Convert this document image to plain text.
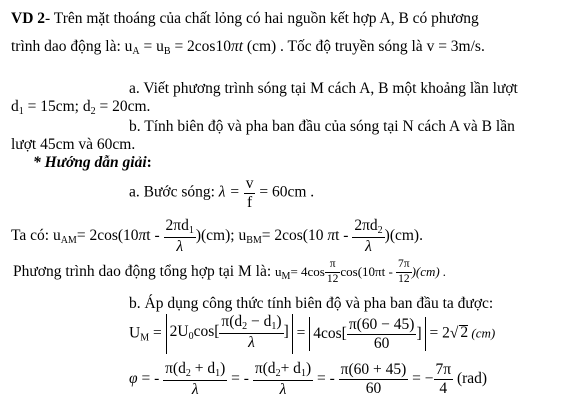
VD 2- Trên mặt thoáng của chất lỏng có hai nguồn kết hợp A, B có phương
trình dao động là: $u_A = u_B = 2\cos 10\pi t$ (cm) . Tốc độ truyền sóng là v = 3m/s.
a. Viết phương trình sóng tại M cách A, B một khoảng lần lượt
$d_1 = 15cm$; $d_2 = 20cm$.
b. Tính biên độ và pha ban đầu của sóng tại N cách A và B lần
lượt 45cm và 60cm.
* Hướng dẫn giải:
a. Bước sóng: $\lambda = \frac{v}{f} = 60cm$ .
Ta có: $u_{AM}= 2\cos(10\pi t - \frac{2\pi d_1}{\lambda} )(cm)$; $u_{BM}= 2\cos(10$ πt - $\frac{2\pi d_2}{\lambda} )(cm)$.
Phương trình dao động tổng hợp tại M là: $u_M= 4\cos \frac{\pi}{12} \cos(10\pi t - \frac{7\pi}{12} )(cm)$ .
b. Áp dụng công thức tính biên độ và pha ban đầu ta được:
$U_M = 2U_0\cos[ \frac{\pi(d_2 - d_1)}{\lambda}$ ] = $4\cos[ \frac{\pi(60 - 45)}{60}$ ] = 2√ 2 (cm)
φ = - $\frac{\pi(d_2 + d_1)}{\lambda}$ = - $\frac{\pi(d_2+ d_1)}{\lambda}$ = - $\frac{\pi(60 + 45)}{60}$ = − $\frac{7\pi}{4} (rad)$
